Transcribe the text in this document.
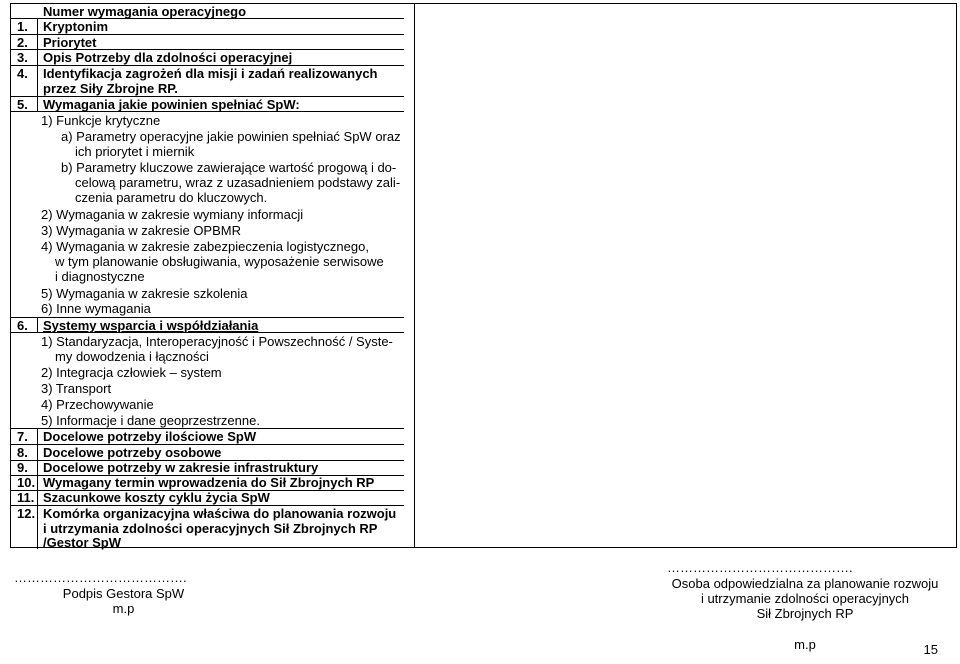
Numer wymagania operacyjnego
1. Kryptonim
2. Priorytet
3. Opis Potrzeby dla zdolności operacyjnej
4. Identyfikacja zagrożeń dla misji i zadań realizowanych
przez Siły Zbrojne RP.
5. Wymagania jakie powinien spełniać SpW:
1) Funkcje krytyczne
a) Parametry operacyjne jakie powinien spełniać SpW oraz
ich priorytet i miernik
b) Parametry kluczowe zawierające wartość progową i do-
celową parametru, wraz z uzasadnieniem podstawy zali-
czenia parametru do kluczowych.
2) Wymagania w zakresie wymiany informacji
3) Wymagania w zakresie OPBMR
4) Wymagania w zakresie zabezpieczenia logistycznego,
w tym planowanie obsługiwania, wyposażenie serwisowe
i diagnostyczne
5) Wymagania w zakresie szkolenia
6) Inne wymagania
6. Systemy wsparcia i współdziałania
1) Standaryzacja, Interoperacyjność i Powszechność / Syste-
my dowodzenia i łączności
2) Integracja człowiek – system
3) Transport
4) Przechowywanie
5) Informacje i dane geoprzestrzenne.
7. Docelowe potrzeby ilościowe SpW
8. Docelowe potrzeby osobowe
9. Docelowe potrzeby w zakresie infrastruktury
10. Wymagany termin wprowadzenia do Sił Zbrojnych RP
11. Szacunkowe koszty cyklu życia SpW
12. Komórka organizacyjna właściwa do planowania rozwoju
i utrzymania zdolności operacyjnych Sił Zbrojnych RP
/Gestor SpW
………………………………….
Podpis Gestora SpW
m.p
…………………………………….
Osoba odpowiedzialna za planowanie rozwoju
i utrzymanie zdolności operacyjnych
Sił Zbrojnych RP
m.p	15
